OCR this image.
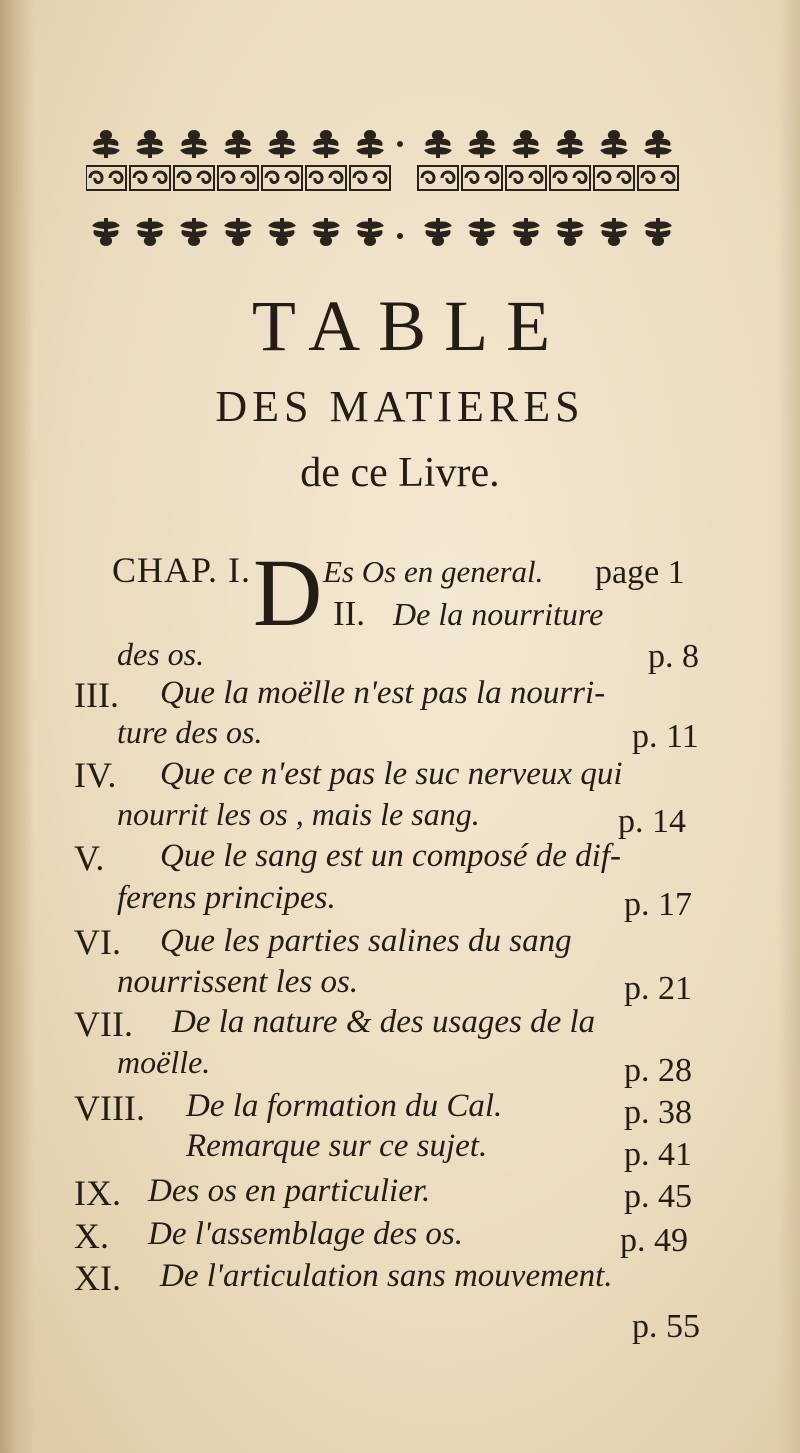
TABLE
DES MATIERES
de ce Livre.
CHAP. I. D Es Os en general. page 1
II. De la nourriture
des os.	p. 8
III. Que la moëlle n'est pas la nourri-
ture des os.	p. 11
IV. Que ce n'est pas le suc nerveux qui
nourrit les os , mais le sang.	p. 14
V. Que le sang est un composé de dif-
ferens principes.	p. 17
VI. Que les parties salines du sang
nourrissent les os.	p. 21
VII. De la nature & des usages de la
moëlle.	p. 28
VIII. De la formation du Cal.	p. 38
Remarque sur ce sujet.	p. 41
IX. Des os en particulier.	p. 45
X. De l'assemblage des os.	p. 49
XI. De l'articulation sans mouvement.
p. 55
